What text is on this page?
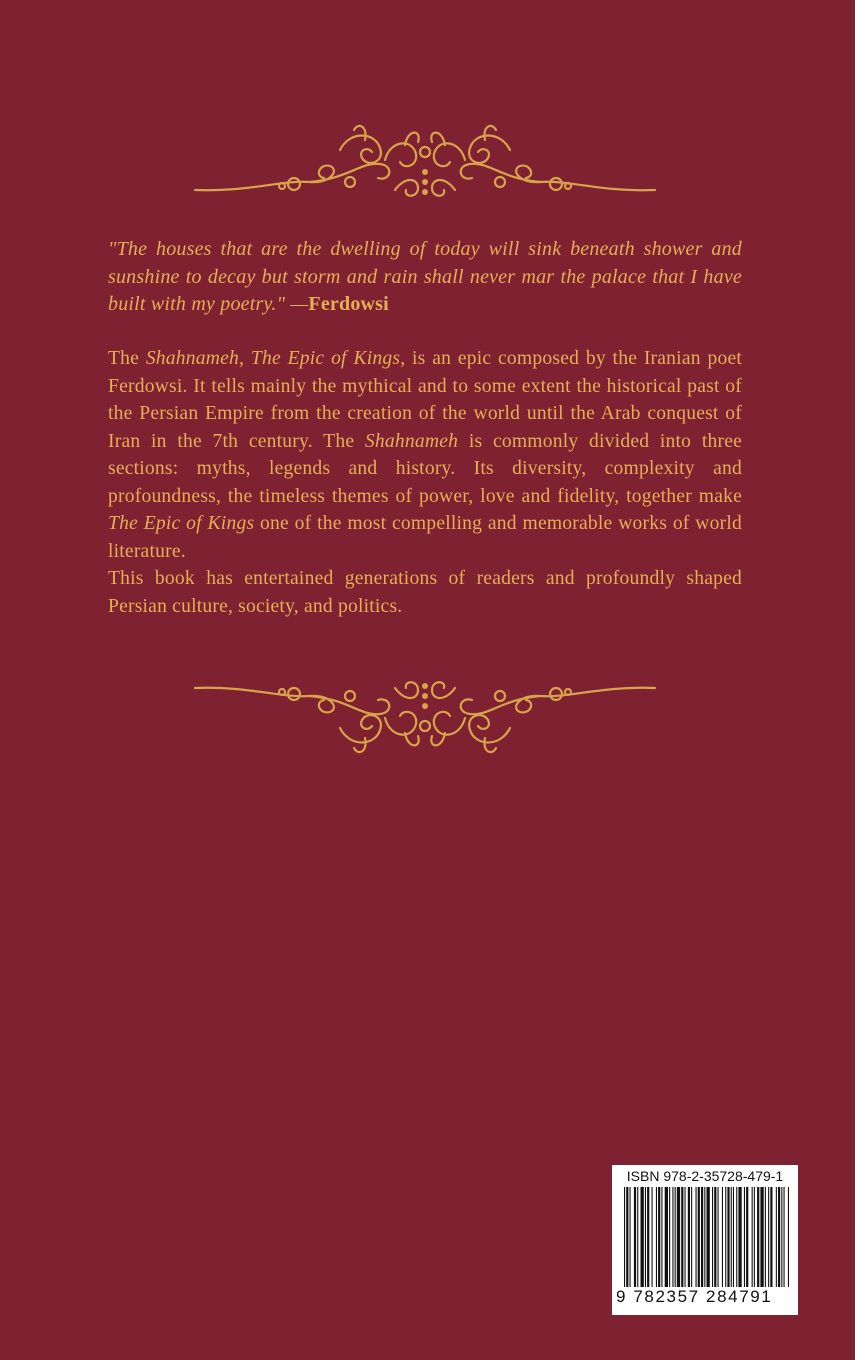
"The houses that are the dwelling of today will sink beneath shower and sunshine to decay but storm and rain shall never mar the palace that I have built with my poetry." —Ferdowsi

The Shahnameh, The Epic of Kings, is an epic composed by the Iranian poet Ferdowsi. It tells mainly the mythical and to some extent the historical past of the Persian Empire from the creation of the world until the Arab conquest of Iran in the 7th century. The Shahnameh is commonly divided into three sections: myths, legends and history. Its diversity, complexity and profoundness, the timeless themes of power, love and fidelity, together make The Epic of Kings one of the most compelling and memorable works of world literature.

This book has entertained generations of readers and profoundly shaped Persian culture, society, and politics.

ISBN 978-2-35728-479-1
9 782357 284791
